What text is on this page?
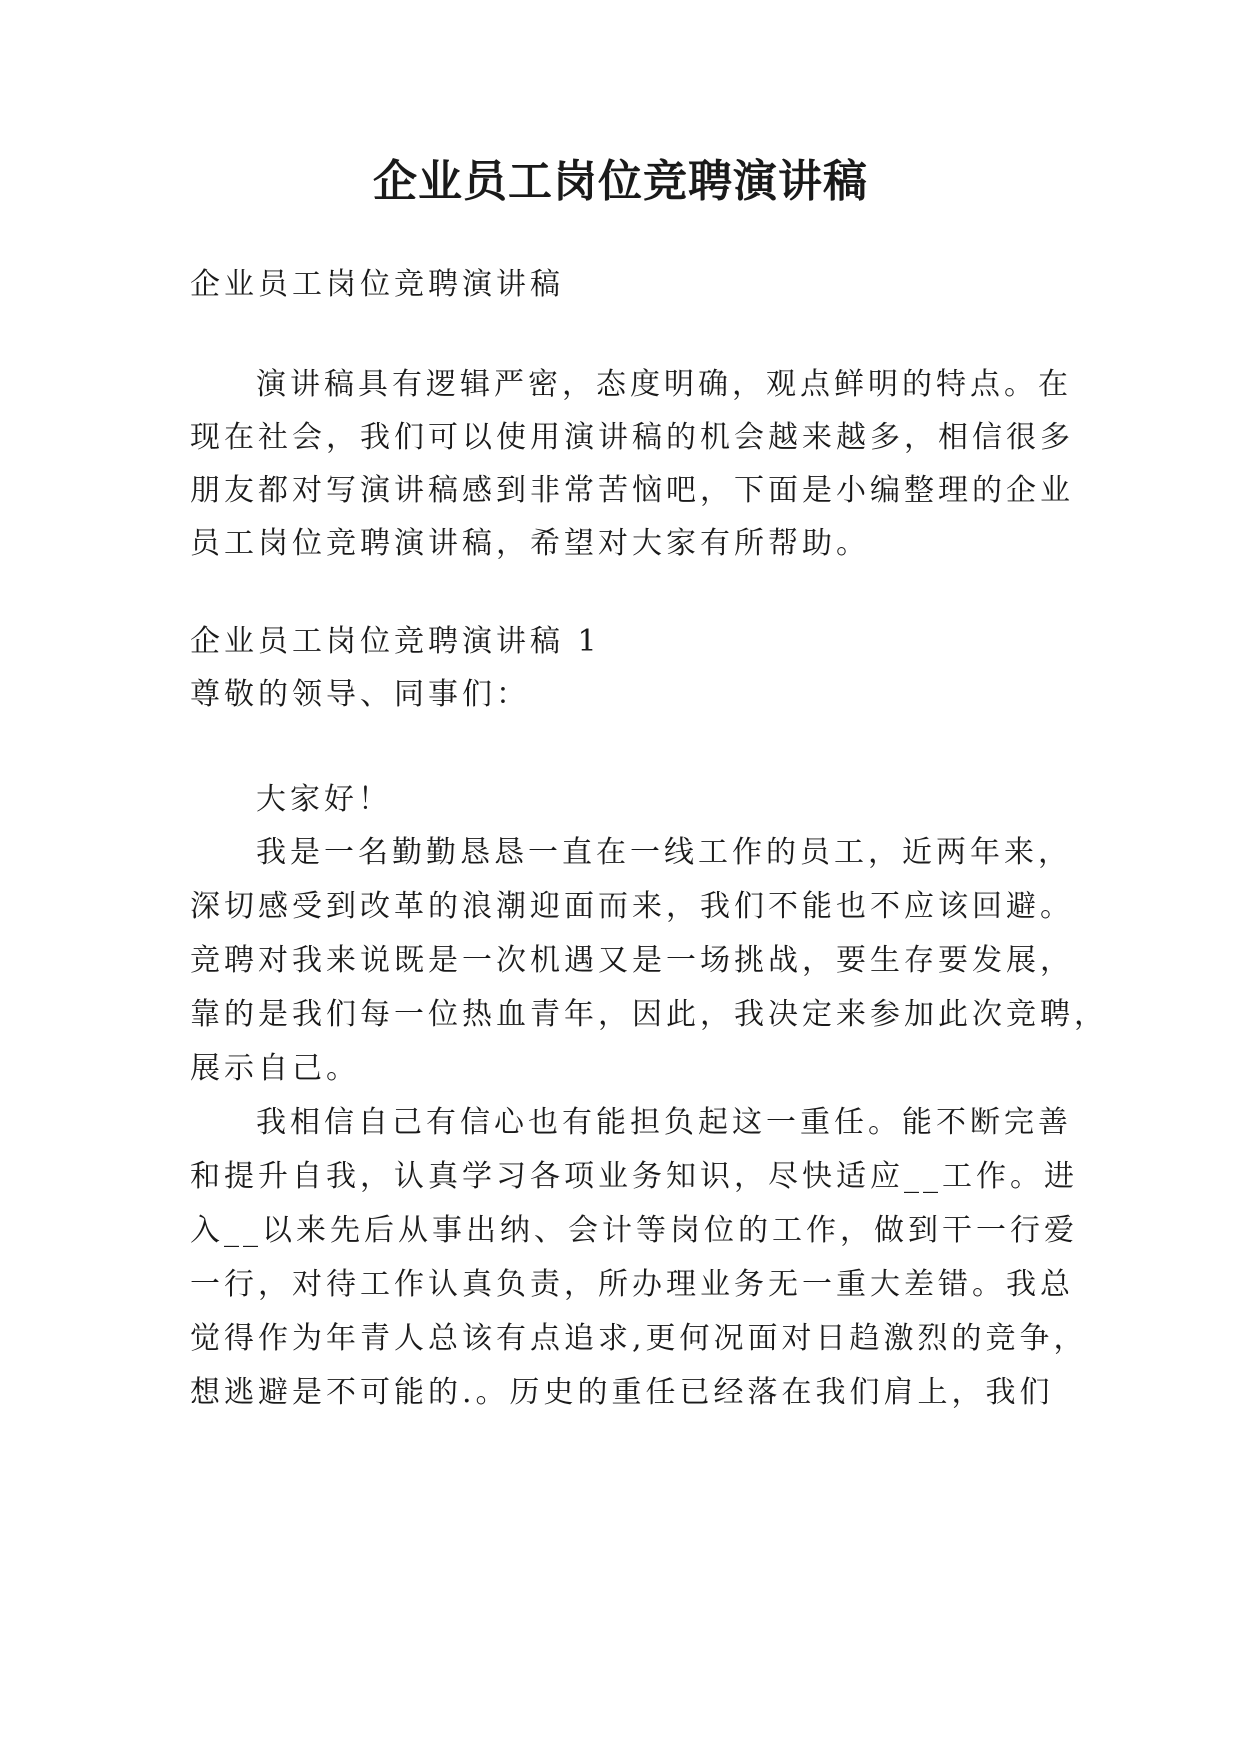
企业员工岗位竞聘演讲稿
企业员工岗位竞聘演讲稿
演讲稿具有逻辑严密，态度明确，观点鲜明的特点。在
现在社会，我们可以使用演讲稿的机会越来越多，相信很多
朋友都对写演讲稿感到非常苦恼吧，下面是小编整理的企业
员工岗位竞聘演讲稿，希望对大家有所帮助。
企业员工岗位竞聘演讲稿 1
尊敬的领导、同事们：
大家好！
我是一名勤勤恳恳一直在一线工作的员工，近两年来，
深切感受到改革的浪潮迎面而来，我们不能也不应该回避。
竞聘对我来说既是一次机遇又是一场挑战，要生存要发展，
靠的是我们每一位热血青年，因此，我决定来参加此次竞聘，
展示自己。
我相信自己有信心也有能担负起这一重任。能不断完善
和提升自我，认真学习各项业务知识，尽快适应__工作。进
入__以来先后从事出纳、会计等岗位的工作，做到干一行爱
一行，对待工作认真负责，所办理业务无一重大差错。我总
觉得作为年青人总该有点追求,更何况面对日趋激烈的竞争，
想逃避是不可能的.。历史的重任已经落在我们肩上，我们
